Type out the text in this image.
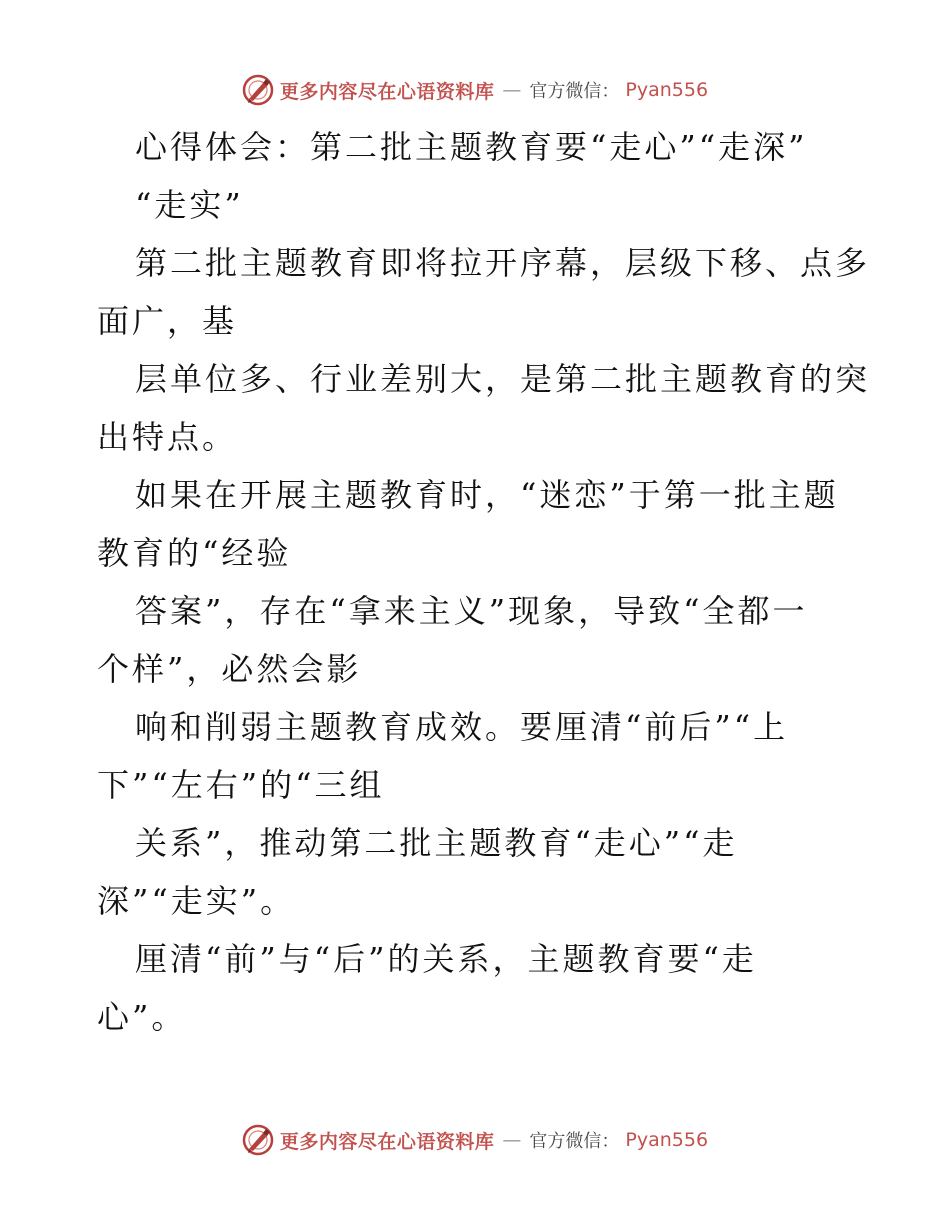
更多内容尽在心语资料库 — 官方微信： Pyan556
心得体会：第二批主题教育要“走心”“走深”
“走实”
第二批主题教育即将拉开序幕，层级下移、点多
面广，基
层单位多、行业差别大，是第二批主题教育的突
出特点。
如果在开展主题教育时，“迷恋”于第一批主题
教育的“经验
答案”，存在“拿来主义”现象，导致“全都一
个样”，必然会影
响和削弱主题教育成效。要厘清“前后”“上
下”“左右”的“三组
关系”，推动第二批主题教育“走心”“走
深”“走实”。
厘清“前”与“后”的关系，主题教育要“走
心”。
更多内容尽在心语资料库 — 官方微信： Pyan556
